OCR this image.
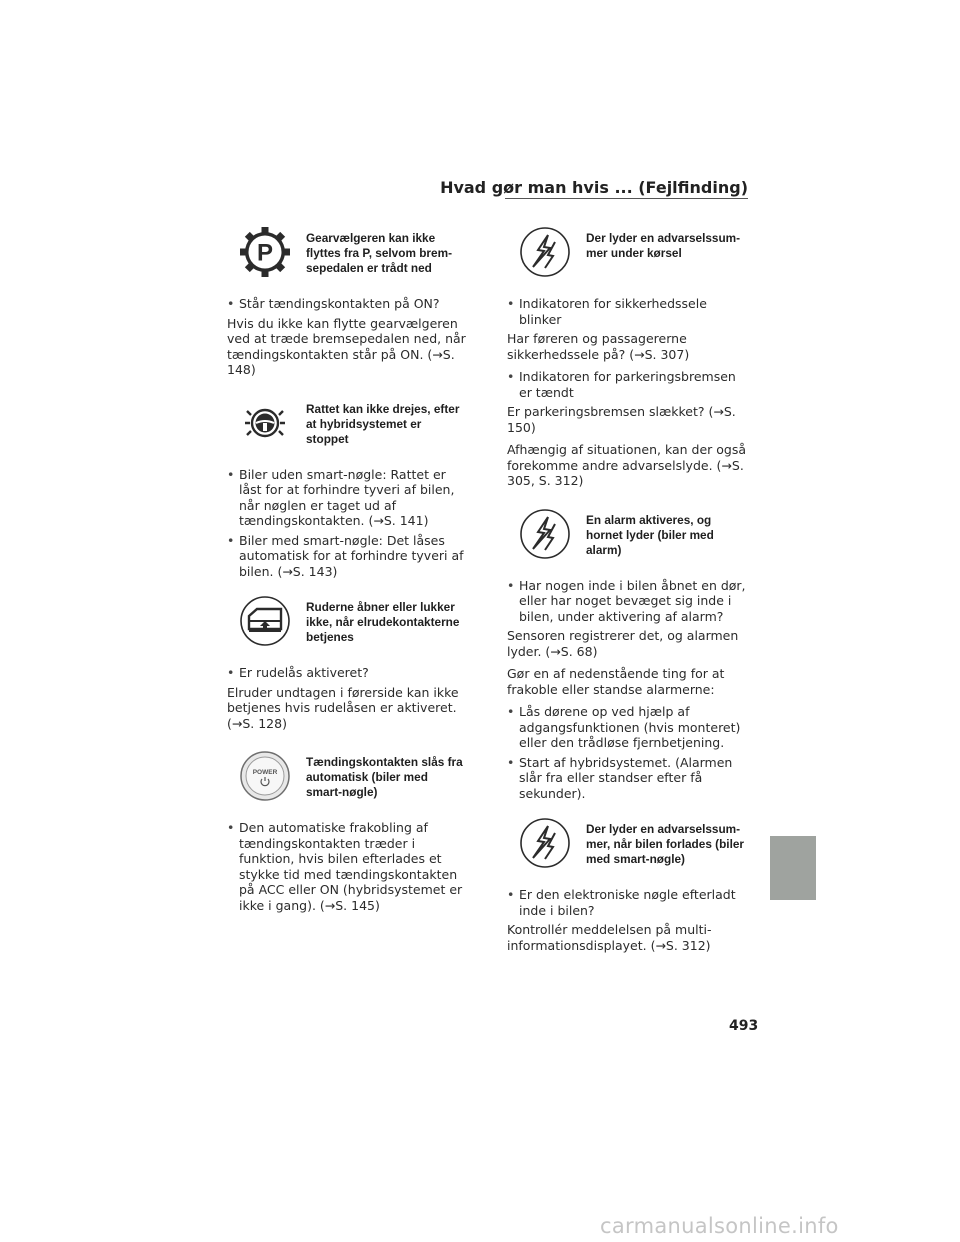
Hvad gør man hvis ... (Fejlfinding)
493
carmanualsonline.info
P
Gearvælgeren kan ikke flyttes fra P, selvom bremsepedalen er trådt ned
• Står tændingskontakten på ON?
Hvis du ikke kan flytte gearvælgeren ved at træde bremsepedalen ned, når tændingskontakten står på ON. (→S. 148)
Rattet kan ikke drejes, efter at hybridsystemet er stoppet
• Biler uden smart-nøgle: Rattet er låst for at forhindre tyveri af bilen, når nøglen er taget ud af tændingskontakten. (→S. 141)
• Biler med smart-nøgle: Det låses automatisk for at forhindre tyveri af bilen. (→S. 143)
Ruderne åbner eller lukker ikke, når elrudekontakterne betjenes
• Er rudelås aktiveret?
Elruder undtagen i førerside kan ikke betjenes hvis rudelåsen er aktiveret. (→S. 128)
POWER
Tændingskontakten slås fra automatisk (biler med smart-nøgle)
• Den automatiske frakobling af tændingskontakten træder i funktion, hvis bilen efterlades et stykke tid med tændingskontakten på ACC eller ON (hybridsystemet er ikke i gang). (→S. 145)
Der lyder en advarselssummer under kørsel
• Indikatoren for sikkerhedssele blinker
Har føreren og passagererne sikkerhedssele på? (→S. 307)
• Indikatoren for parkeringsbremsen er tændt
Er parkeringsbremsen slækket? (→S. 150)
Afhængig af situationen, kan der også forekomme andre advarselslyde. (→S. 305, S. 312)
En alarm aktiveres, og hornet lyder (biler med alarm)
• Har nogen inde i bilen åbnet en dør, eller har noget bevæget sig inde i bilen, under aktivering af alarm?
Sensoren registrerer det, og alarmen lyder. (→S. 68)
Gør en af nedenstående ting for at frakoble eller standse alarmerne:
• Lås dørene op ved hjælp af adgangsfunktionen (hvis monteret) eller den trådløse fjernbetjening.
• Start af hybridsystemet. (Alarmen slår fra eller standser efter få sekunder).
Der lyder en advarselssummer, når bilen forlades (biler med smart-nøgle)
• Er den elektroniske nøgle efterladt inde i bilen?
Kontrollér meddelelsen på multi-informationsdisplayet. (→S. 312)
